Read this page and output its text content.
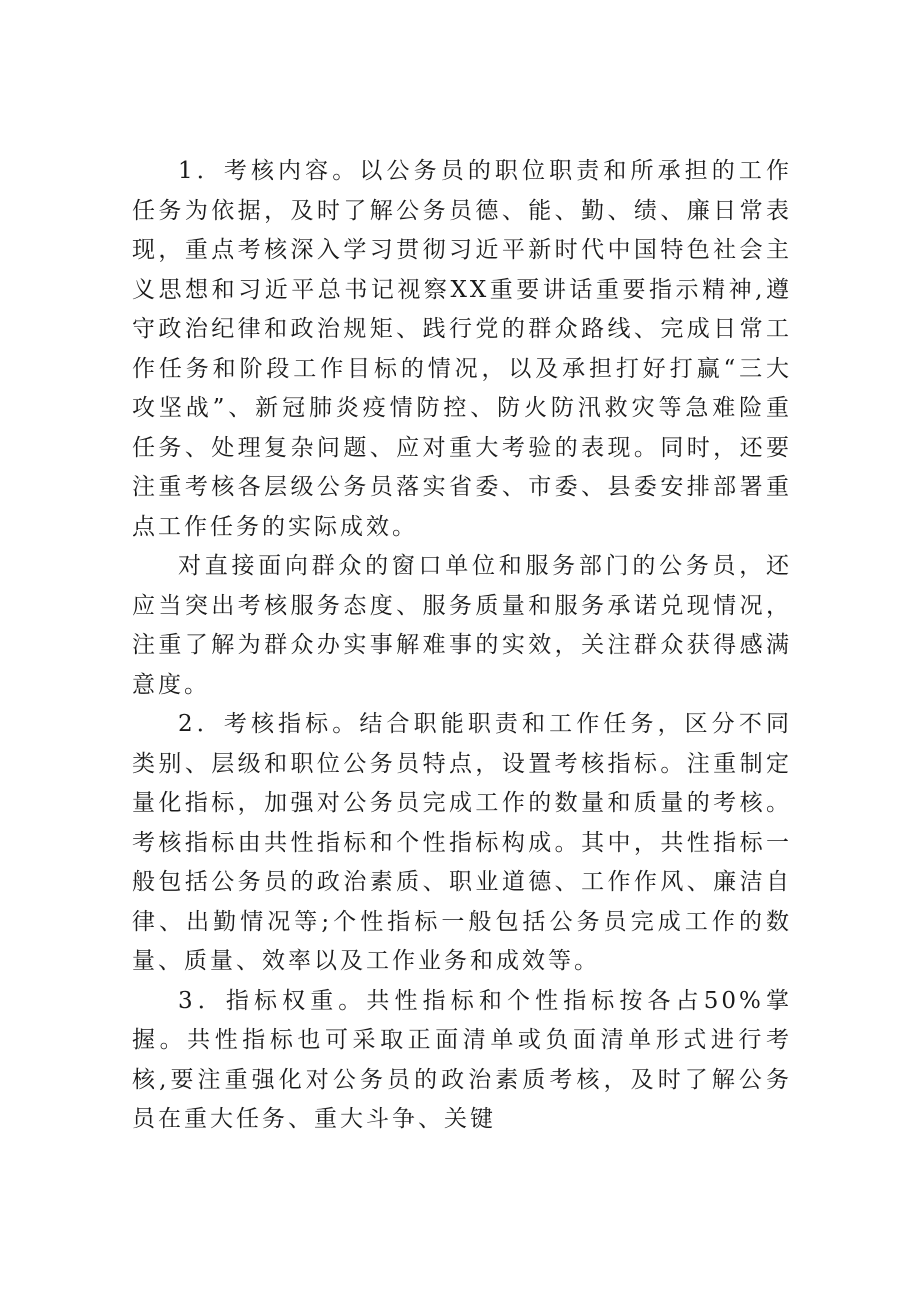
1．考核内容。以公务员的职位职责和所承担的工作任务为依据，及时了解公务员德、能、勤、绩、廉日常表现，重点考核深入学习贯彻习近平新时代中国特色社会主义思想和习近平总书记视察XX重要讲话重要指示精神,遵守政治纪律和政治规矩、践行党的群众路线、完成日常工作任务和阶段工作目标的情况，以及承担打好打赢“三大攻坚战”、新冠肺炎疫情防控、防火防汛救灾等急难险重任务、处理复杂问题、应对重大考验的表现。同时，还要注重考核各层级公务员落实省委、市委、县委安排部署重点工作任务的实际成效。

对直接面向群众的窗口单位和服务部门的公务员，还应当突出考核服务态度、服务质量和服务承诺兑现情况，注重了解为群众办实事解难事的实效，关注群众获得感满意度。

2．考核指标。结合职能职责和工作任务，区分不同类别、层级和职位公务员特点，设置考核指标。注重制定量化指标，加强对公务员完成工作的数量和质量的考核。考核指标由共性指标和个性指标构成。其中，共性指标一般包括公务员的政治素质、职业道德、工作作风、廉洁自律、出勤情况等;个性指标一般包括公务员完成工作的数量、质量、效率以及工作业务和成效等。

3．指标权重。共性指标和个性指标按各占50%掌握。共性指标也可采取正面清单或负面清单形式进行考核,要注重强化对公务员的政治素质考核，及时了解公务员在重大任务、重大斗争、关键
